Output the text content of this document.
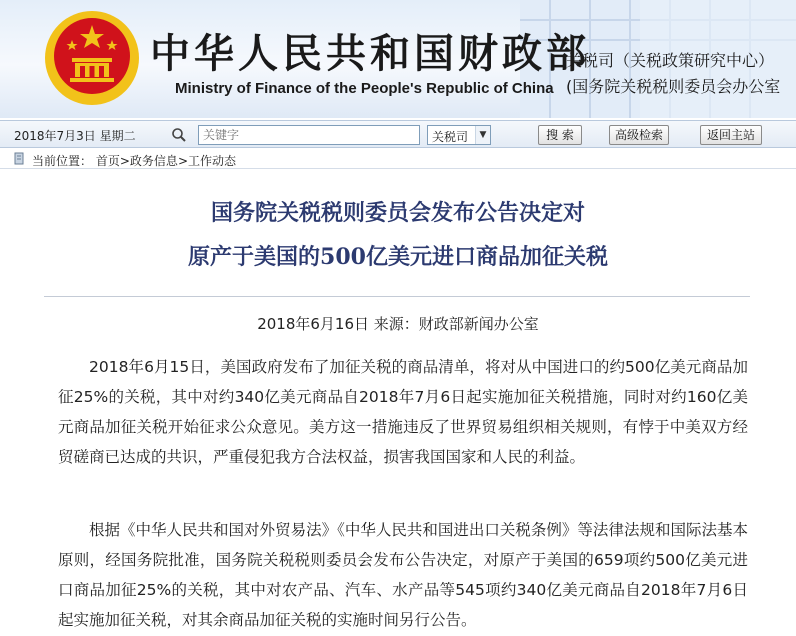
中华人民共和国财政部
Ministry of Finance of the People's Republic of China
关税司（关税政策研究中心）
(国务院关税税则委员会办公室
2018年7月3日 星期二
关键字	关税司	▼	搜 索	高级检索	返回主站
当前位置： 首页>政务信息>工作动态
国务院关税税则委员会发布公告决定对
原产于美国的500亿美元进口商品加征关税
2018年6月16日 来源：财政部新闻办公室

2018年6月15日，美国政府发布了加征关税的商品清单，将对从中国进口的约500亿美元商品加征25%的关税，其中对约340亿美元商品自2018年7月6日起实施加征关税措施，同时对约160亿美元商品加征关税开始征求公众意见。美方这一措施违反了世界贸易组织相关规则，有悖于中美双方经贸磋商已达成的共识，严重侵犯我方合法权益，损害我国国家和人民的利益。

根据《中华人民共和国对外贸易法》《中华人民共和国进出口关税条例》等法律法规和国际法基本原则，经国务院批准，国务院关税税则委员会发布公告决定，对原产于美国的659项约500亿美元进口商品加征25%的关税，其中对农产品、汽车、水产品等545项约340亿美元商品自2018年7月6日起实施加征关税，对其余商品加征关税的实施时间另行公告。
